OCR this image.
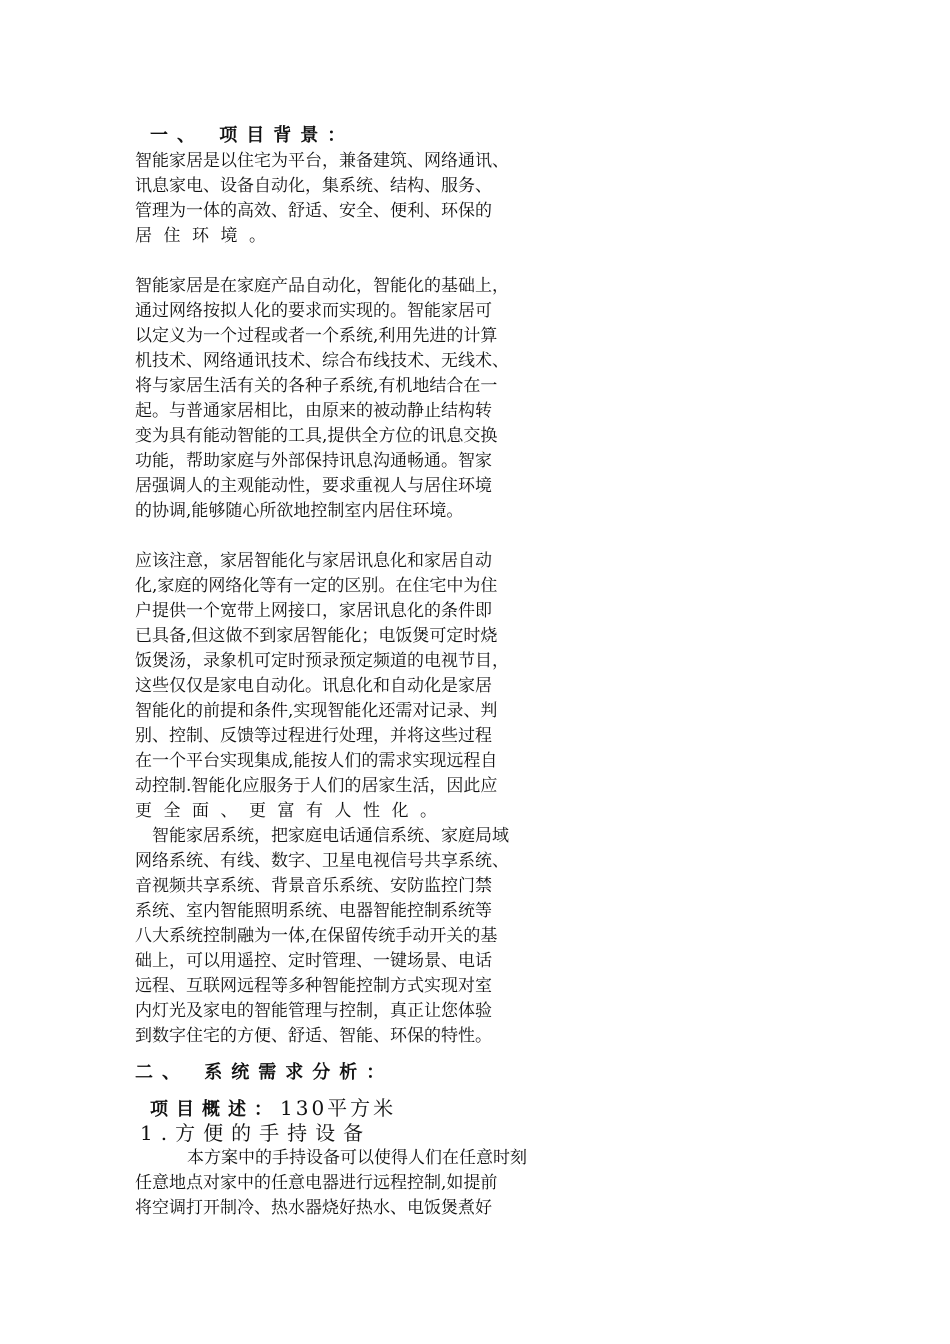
一、 项目背景：
智能家居是以住宅为平台，兼备建筑、网络通讯、
讯息家电、设备自动化，集系统、结构、服务、
管理为一体的高效、舒适、安全、便利、环保的
居住环境。
智能家居是在家庭产品自动化，智能化的基础上，
通过网络按拟人化的要求而实现的。智能家居可
以定义为一个过程或者一个系统,利用先进的计算
机技术、网络通讯技术、综合布线技术、无线术、
将与家居生活有关的各种子系统,有机地结合在一
起。与普通家居相比，由原来的被动静止结构转
变为具有能动智能的工具,提供全方位的讯息交换
功能，帮助家庭与外部保持讯息沟通畅通。智家
居强调人的主观能动性，要求重视人与居住环境
的协调,能够随心所欲地控制室内居住环境。
应该注意，家居智能化与家居讯息化和家居自动
化,家庭的网络化等有一定的区别。在住宅中为住
户提供一个宽带上网接口，家居讯息化的条件即
已具备,但这做不到家居智能化；电饭煲可定时烧
饭煲汤，录象机可定时预录预定频道的电视节目，
这些仅仅是家电自动化。讯息化和自动化是家居
智能化的前提和条件,实现智能化还需对记录、判
别、控制、反馈等过程进行处理，并将这些过程
在一个平台实现集成,能按人们的需求实现远程自
动控制.智能化应服务于人们的居家生活，因此应
更全面、更富有人性化。
智能家居系统，把家庭电话通信系统、家庭局域
网络系统、有线、数字、卫星电视信号共享系统、
音视频共享系统、背景音乐系统、安防监控门禁
系统、室内智能照明系统、电器智能控制系统等
八大系统控制融为一体,在保留传统手动开关的基
础上，可以用遥控、定时管理、一键场景、电话
远程、互联网远程等多种智能控制方式实现对室
内灯光及家电的智能管理与控制，真正让您体验
到数字住宅的方便、舒适、智能、环保的特性。
二、 系统需求分析：
项目概述：130平方米
1.方便的手持设备
本方案中的手持设备可以使得人们在任意时刻
任意地点对家中的任意电器进行远程控制,如提前
将空调打开制冷、热水器烧好热水、电饭煲煮好
